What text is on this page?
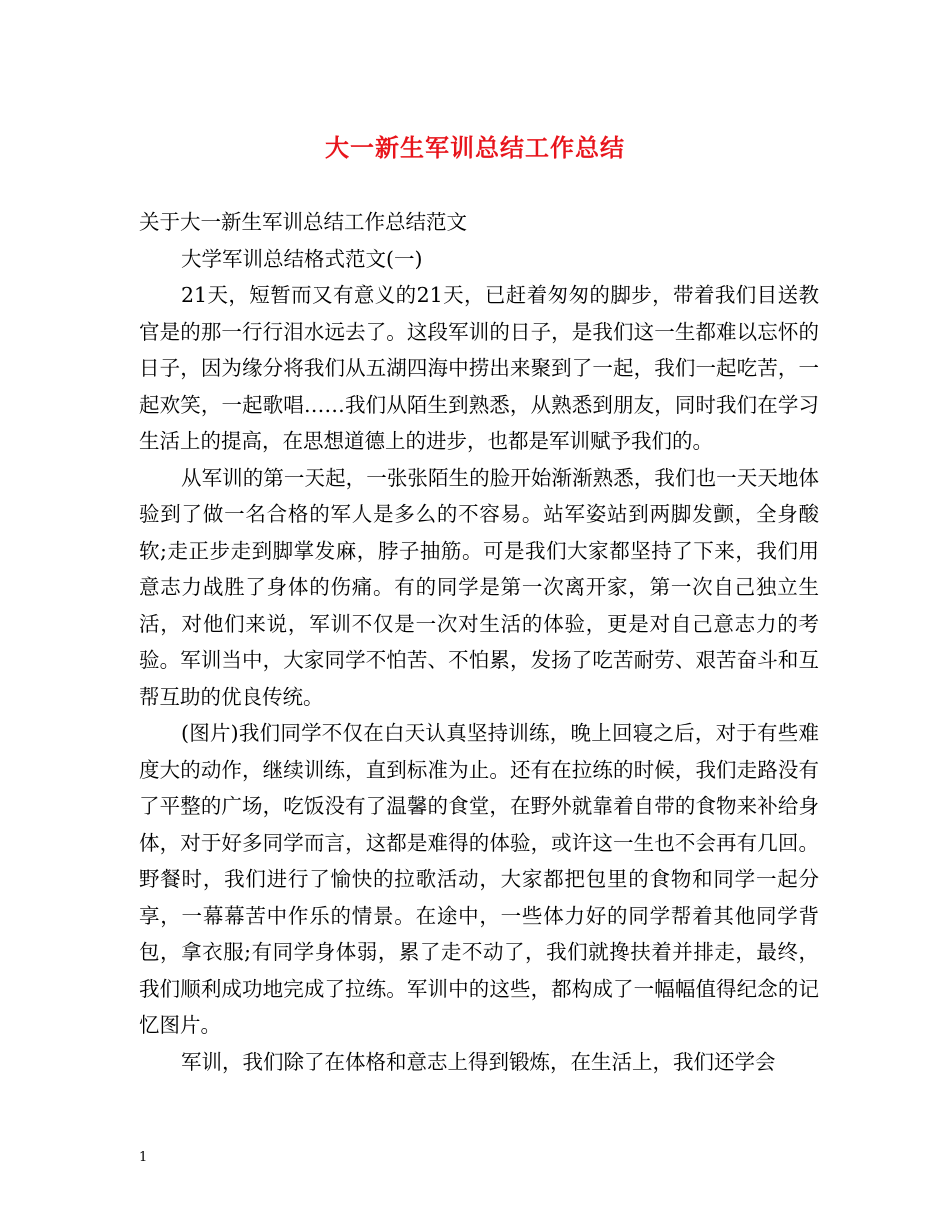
大一新生军训总结工作总结

关于大一新生军训总结工作总结范文

大学军训总结格式范文(一)

21天，短暂而又有意义的21天，已赶着匆匆的脚步，带着我们目送教官是的那一行行泪水远去了。这段军训的日子，是我们这一生都难以忘怀的日子，因为缘分将我们从五湖四海中捞出来聚到了一起，我们一起吃苦，一起欢笑，一起歌唱……我们从陌生到熟悉，从熟悉到朋友，同时我们在学习生活上的提高，在思想道德上的进步，也都是军训赋予我们的。

从军训的第一天起，一张张陌生的脸开始渐渐熟悉，我们也一天天地体验到了做一名合格的军人是多么的不容易。站军姿站到两脚发颤，全身酸软;走正步走到脚掌发麻，脖子抽筋。可是我们大家都坚持了下来，我们用意志力战胜了身体的伤痛。有的同学是第一次离开家，第一次自己独立生活，对他们来说，军训不仅是一次对生活的体验，更是对自己意志力的考验。军训当中，大家同学不怕苦、不怕累，发扬了吃苦耐劳、艰苦奋斗和互帮互助的优良传统。

(图片)我们同学不仅在白天认真坚持训练，晚上回寝之后，对于有些难度大的动作，继续训练，直到标准为止。还有在拉练的时候，我们走路没有了平整的广场，吃饭没有了温馨的食堂，在野外就靠着自带的食物来补给身体，对于好多同学而言，这都是难得的体验，或许这一生也不会再有几回。野餐时，我们进行了愉快的拉歌活动，大家都把包里的食物和同学一起分享，一幕幕苦中作乐的情景。在途中，一些体力好的同学帮着其他同学背包，拿衣服;有同学身体弱，累了走不动了，我们就搀扶着并排走，最终，我们顺利成功地完成了拉练。军训中的这些，都构成了一幅幅值得纪念的记忆图片。

军训，我们除了在体格和意志上得到锻炼，在生活上，我们还学会

1
